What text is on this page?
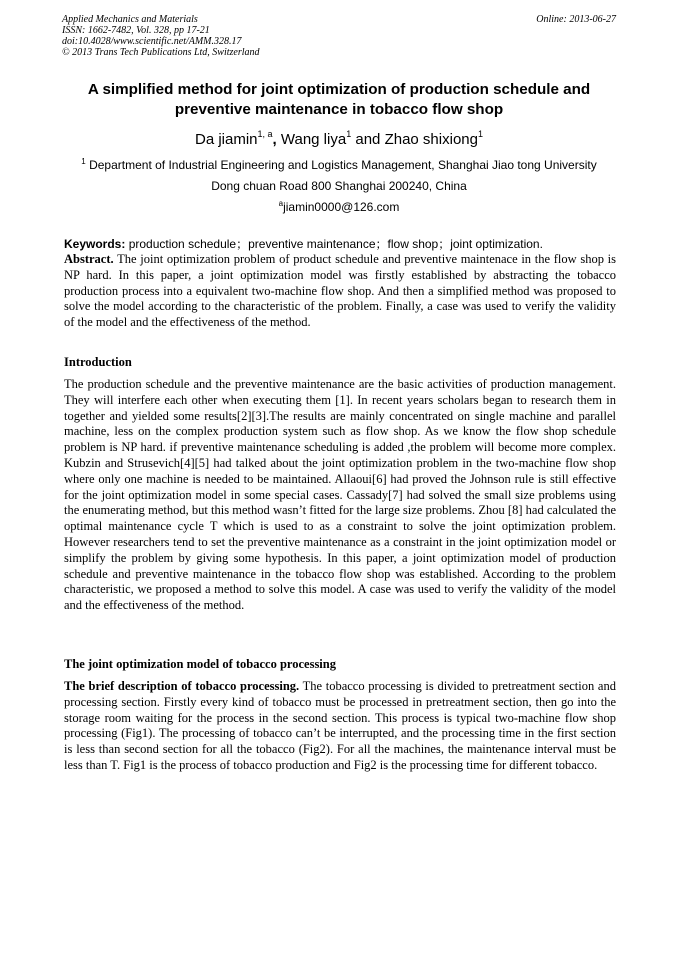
Applied Mechanics and Materials
ISSN: 1662-7482, Vol. 328, pp 17-21
doi:10.4028/www.scientific.net/AMM.328.17
© 2013 Trans Tech Publications Ltd, Switzerland
Online: 2013-06-27
A simplified method for joint optimization of production schedule and preventive maintenance in tobacco flow shop
Da jiamin$^{1, a}$, Wang liya$^1$ and Zhao shixiong$^1$
$^1$ Department of Industrial Engineering and Logistics Management, Shanghai Jiao tong University
Dong chuan Road 800 Shanghai 200240, China
$^a$jiamin0000@126.com
Keywords: production schedule；preventive maintenance；flow shop；joint optimization.
Abstract. The joint optimization problem of product schedule and preventive maintenace in the flow shop is NP hard. In this paper, a joint optimization model was firstly established by abstracting the tobacco production process into a equivalent two-machine flow shop. And then a simplified method was proposed to solve the model according to the characteristic of the problem. Finally, a case was used to verify the validity of the model and the effectiveness of the method.
Introduction
The production schedule and the preventive maintenance are the basic activities of production management. They will interfere each other when executing them [1]. In recent years scholars began to research them in together and yielded some results[2][3].The results are mainly concentrated on single machine and parallel machine, less on the complex production system such as flow shop. As we know the flow shop schedule problem is NP hard. if preventive maintenance scheduling is added ,the problem will become more complex. Kubzin and Strusevich[4][5] had talked about the joint optimization problem in the two-machine flow shop where only one machine is needed to be maintained. Allaoui[6] had proved the Johnson rule is still effective for the joint optimization model in some special cases. Cassady[7] had solved the small size problems using the enumerating method, but this method wasn’t fitted for the large size problems. Zhou [8] had calculated the optimal maintenance cycle T which is used to as a constraint to solve the joint optimization problem. However researchers tend to set the preventive maintenance as a constraint in the joint optimization model or simplify the problem by giving some hypothesis. In this paper, a joint optimization model of production schedule and preventive maintenance in the tobacco flow shop was established. According to the problem characteristic, we proposed a method to solve this model. A case was used to verify the validity of the model and the effectiveness of the method.
The joint optimization model of tobacco processing
The brief description of tobacco processing. The tobacco processing is divided to pretreatment section and processing section. Firstly every kind of tobacco must be processed in pretreatment section, then go into the storage room waiting for the process in the second section. This process is typical two-machine flow shop processing (Fig1). The processing of tobacco can’t be interrupted, and the processing time in the first section is less than second section for all the tobacco (Fig2). For all the machines, the maintenance interval must be less than T. Fig1 is the process of tobacco production and Fig2 is the processing time for different tobacco.
